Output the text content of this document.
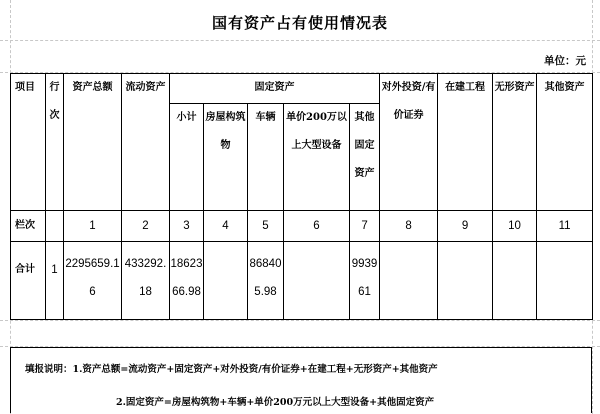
国有资产占有使用情况表
单位：元
项目	行次	资产总额	流动资产	固定资产					对外投资/有价证券	在建工程	无形资产	其他资产
				小计	房屋构筑物	车辆	单价200万以上大型设备	其他固定资产				

栏次		1	2	3	4	5	6	7	8	9	10	11
合计	1	2295659.16	433292.18	1862366.98		868405.98		993961				

填报说明：1.资产总额=流动资产+固定资产+对外投资/有价证券+在建工程+无形资产+其他资产
2.固定资产=房屋构筑物+车辆+单价200万元以上大型设备+其他固定资产
